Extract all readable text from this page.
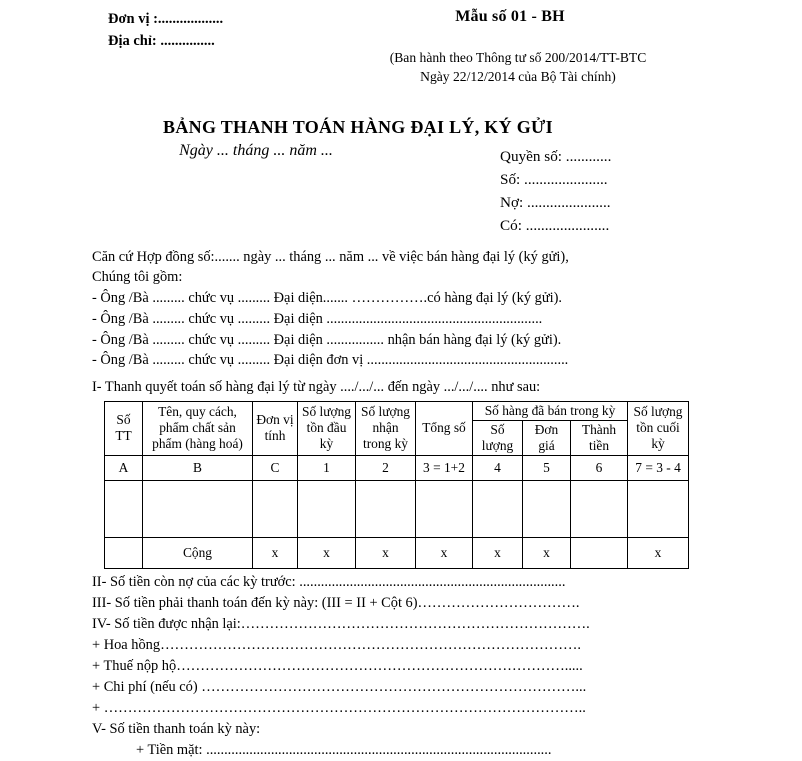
Đơn vị :..................
Địa chỉ: ...............
Mẫu số 01 - BH
(Ban hành theo Thông tư số 200/2014/TT-BTC
Ngày 22/12/2014 của Bộ Tài chính)
BẢNG THANH TOÁN HÀNG ĐẠI LÝ, KÝ GỬI
Ngày ... tháng ... năm ...	Quyền số: ............
Số: ......................
Nợ: ......................
Có: ......................

Căn cứ Hợp đồng số:....... ngày ... tháng ... năm ... về việc bán hàng đại lý (ký gửi),

Chúng tôi gồm:

- Ông /Bà ......... chức vụ ......... Đại diện....... …………….có hàng đại lý (ký gửi).

- Ông /Bà ......... chức vụ ......... Đại diện ............................................................

- Ông /Bà ......... chức vụ ......... Đại diện ................ nhận bán hàng đại lý (ký gửi).

- Ông /Bà ......... chức vụ ......... Đại diện đơn vị ........................................................

I- Thanh quyết toán số hàng đại lý từ ngày ..../.../... đến ngày .../.../.... như sau:

Số TT	Tên, quy cách, phẩm chất sản phẩm (hàng hoá)	Đơn vị tính	Số lượng tồn đầu kỳ	Số lượng nhận trong kỳ	Tổng số	Số hàng đã bán trong kỳ			Số lượng tồn cuối kỳ
						Số lượng	Đơn giá	Thành tiền	
A	B	C	1	2	3 = 1+2	4	5	6	7 = 3 - 4

	Cộng	x	x	x	x	x	x		x

II- Số tiền còn nợ của các kỳ trước: ..........................................................................

III- Số tiền phải thanh toán đến kỳ này: (III = II + Cột 6)…………………………….

IV- Số tiền được nhận lại:……………………………………………………………….

+ Hoa hồng…………………………………………………………………………….

+ Thuế nộp hộ……………………………………………………………………….....

+ Chi phí (nếu có) ……………………………………………………………………...

+ ………………………………………………………………………………………..

V- Số tiền thanh toán kỳ này:

+ Tiền mặt: ................................................................................................
